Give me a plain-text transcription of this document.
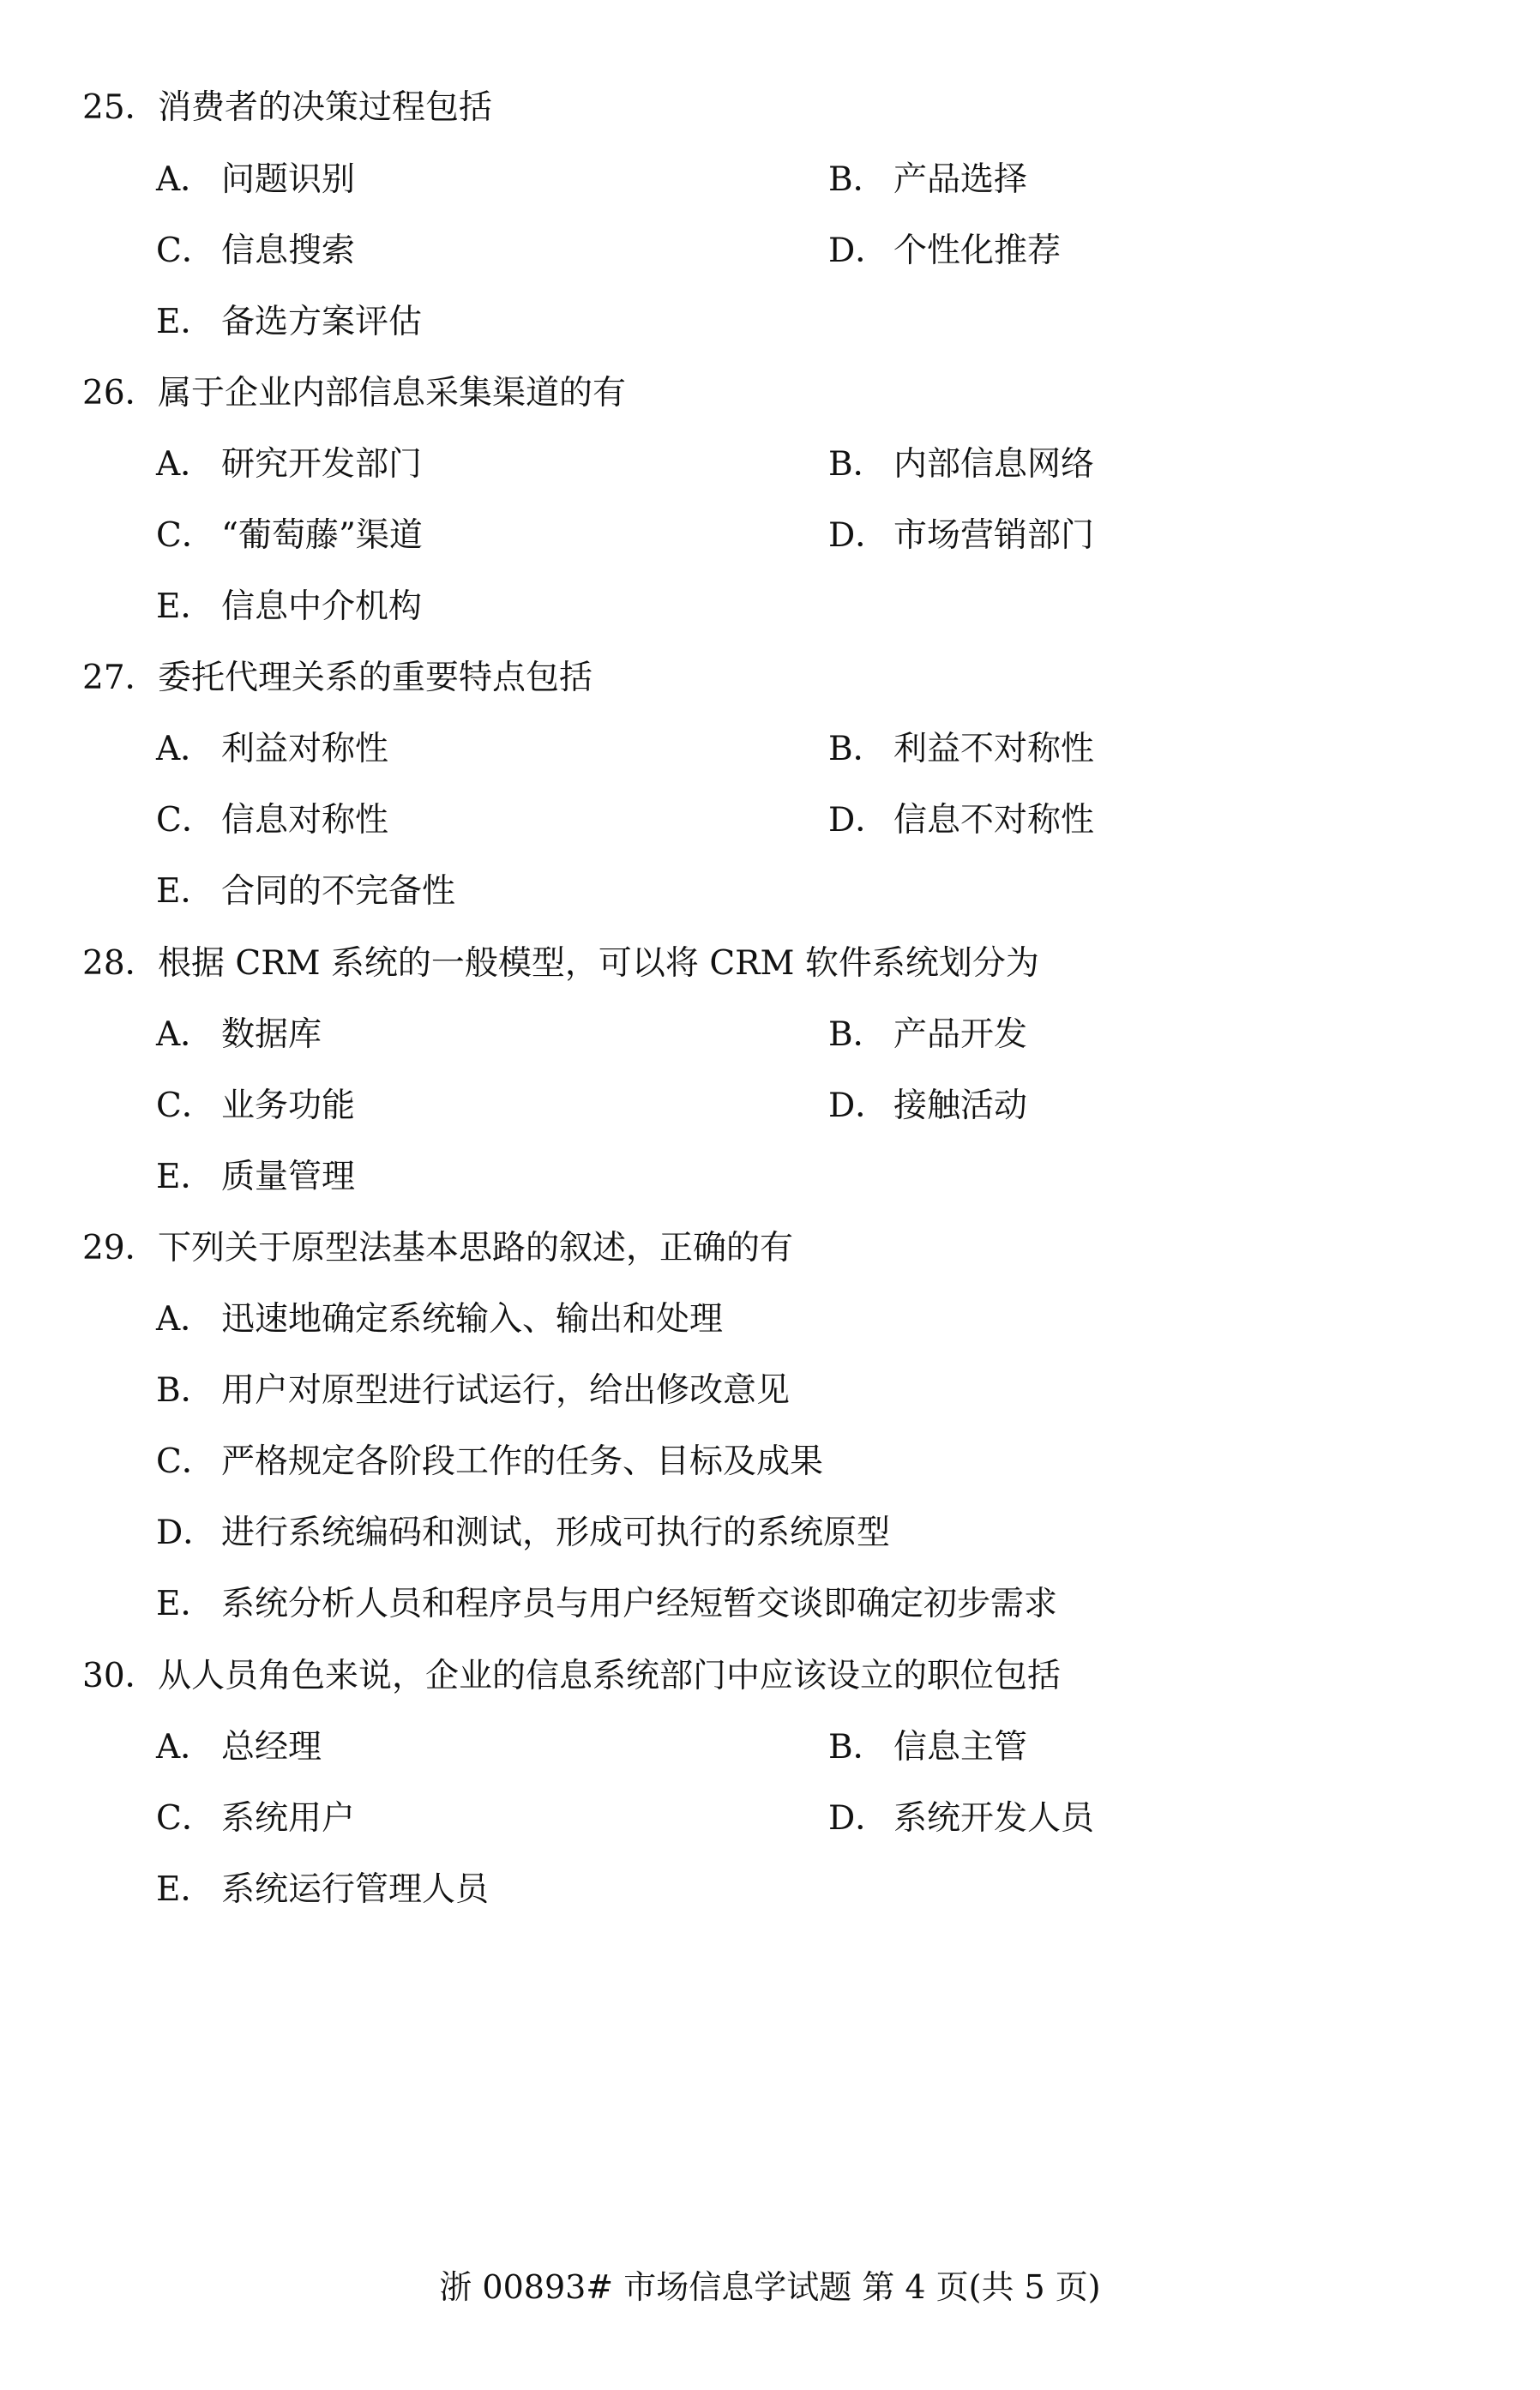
25．消费者的决策过程包括
A． 问题识别	B． 产品选择
C． 信息搜索	D． 个性化推荐
E． 备选方案评估
26．属于企业内部信息采集渠道的有
A． 研究开发部门	B． 内部信息网络
C． “葡萄藤”渠道	D． 市场营销部门
E． 信息中介机构
27．委托代理关系的重要特点包括
A． 利益对称性	B． 利益不对称性
C． 信息对称性	D． 信息不对称性
E． 合同的不完备性
28．根据 CRM 系统的一般模型，可以将 CRM 软件系统划分为
A． 数据库	B． 产品开发
C． 业务功能	D． 接触活动
E． 质量管理
29．下列关于原型法基本思路的叙述，正确的有
A． 迅速地确定系统输入、输出和处理
B． 用户对原型进行试运行，给出修改意见
C． 严格规定各阶段工作的任务、目标及成果
D． 进行系统编码和测试，形成可执行的系统原型
E． 系统分析人员和程序员与用户经短暂交谈即确定初步需求
30．从人员角色来说，企业的信息系统部门中应该设立的职位包括
A． 总经理	B． 信息主管
C． 系统用户	D． 系统开发人员
E． 系统运行管理人员
浙 00893# 市场信息学试题 第 4 页(共 5 页)
